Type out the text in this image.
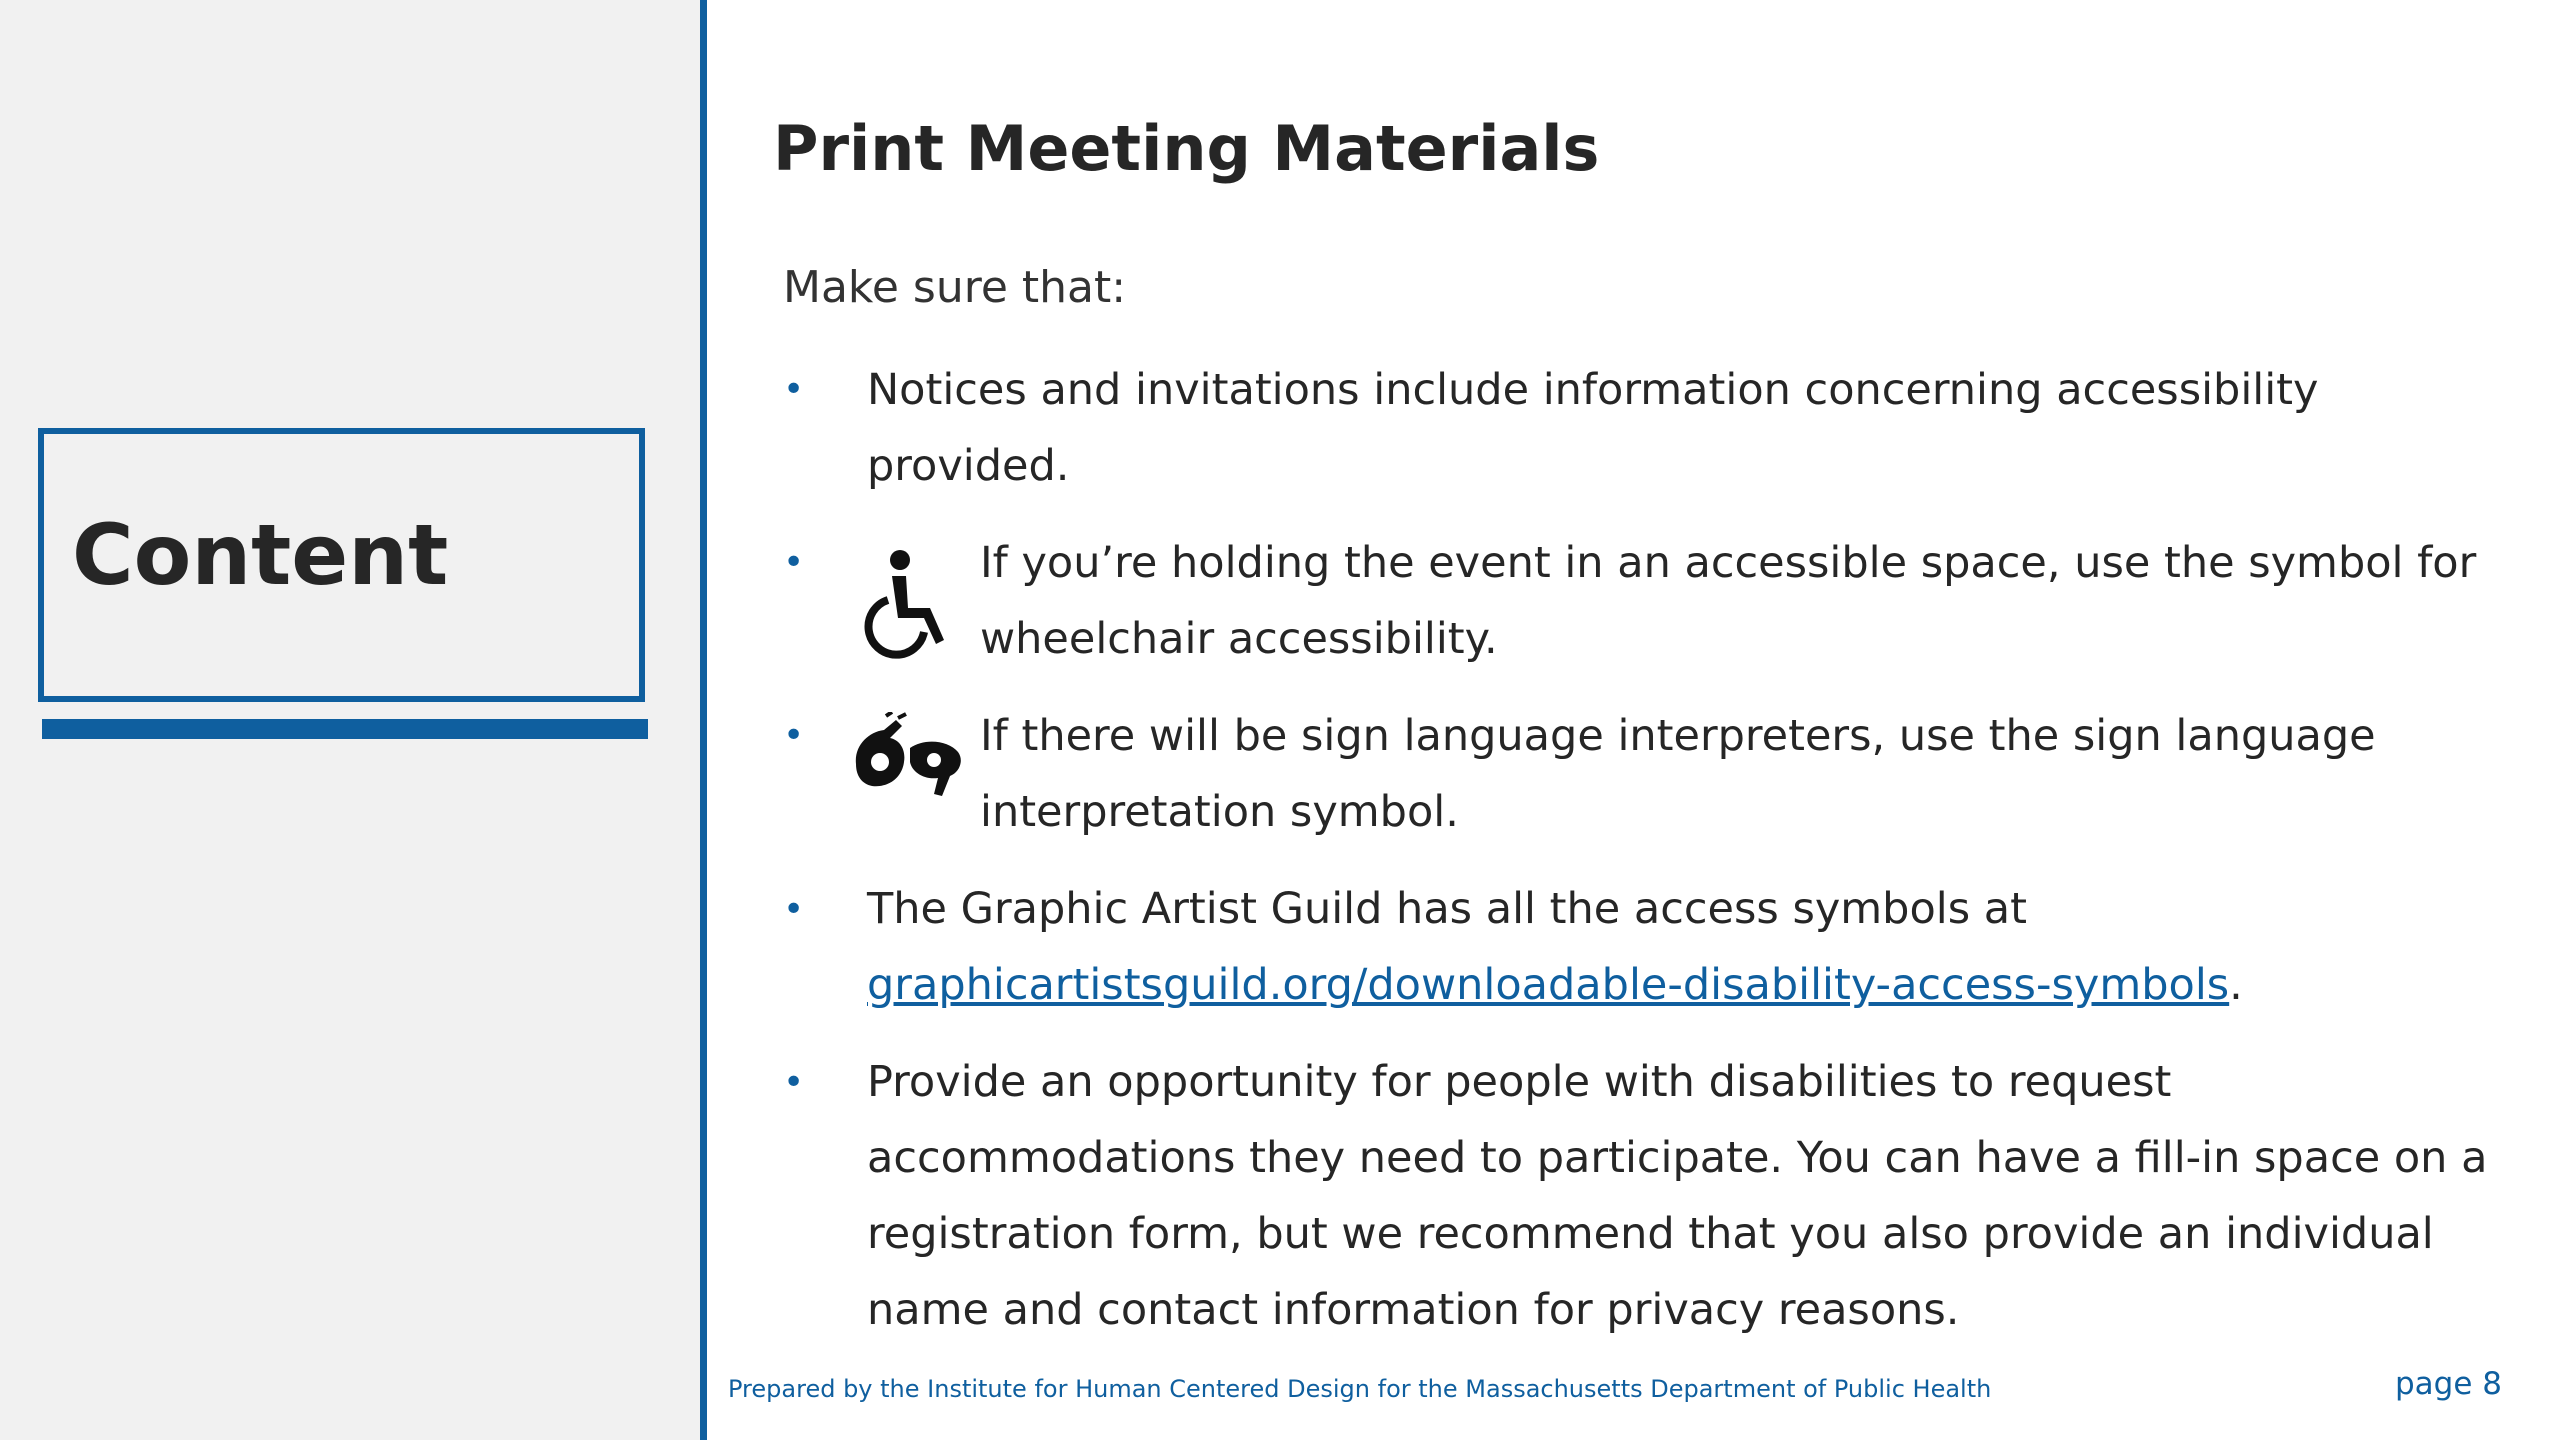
Content
Print Meeting Materials
Make sure that:
• Notices and invitations include information concerning accessibility
provided.
•	If you’re holding the event in an accessible space, use the symbol for
wheelchair accessibility.
•	If there will be sign language interpreters, use the sign language
interpretation symbol.
• The Graphic Artist Guild has all the access symbols at
graphicartistsguild.org/downloadable-disability-access-symbols.
• Provide an opportunity for people with disabilities to request
accommodations they need to participate. You can have a fill-in space on a
registration form, but we recommend that you also provide an individual
name and contact information for privacy reasons.
Prepared by the Institute for Human Centered Design for the Massachusetts Department of Public Health	page 8
